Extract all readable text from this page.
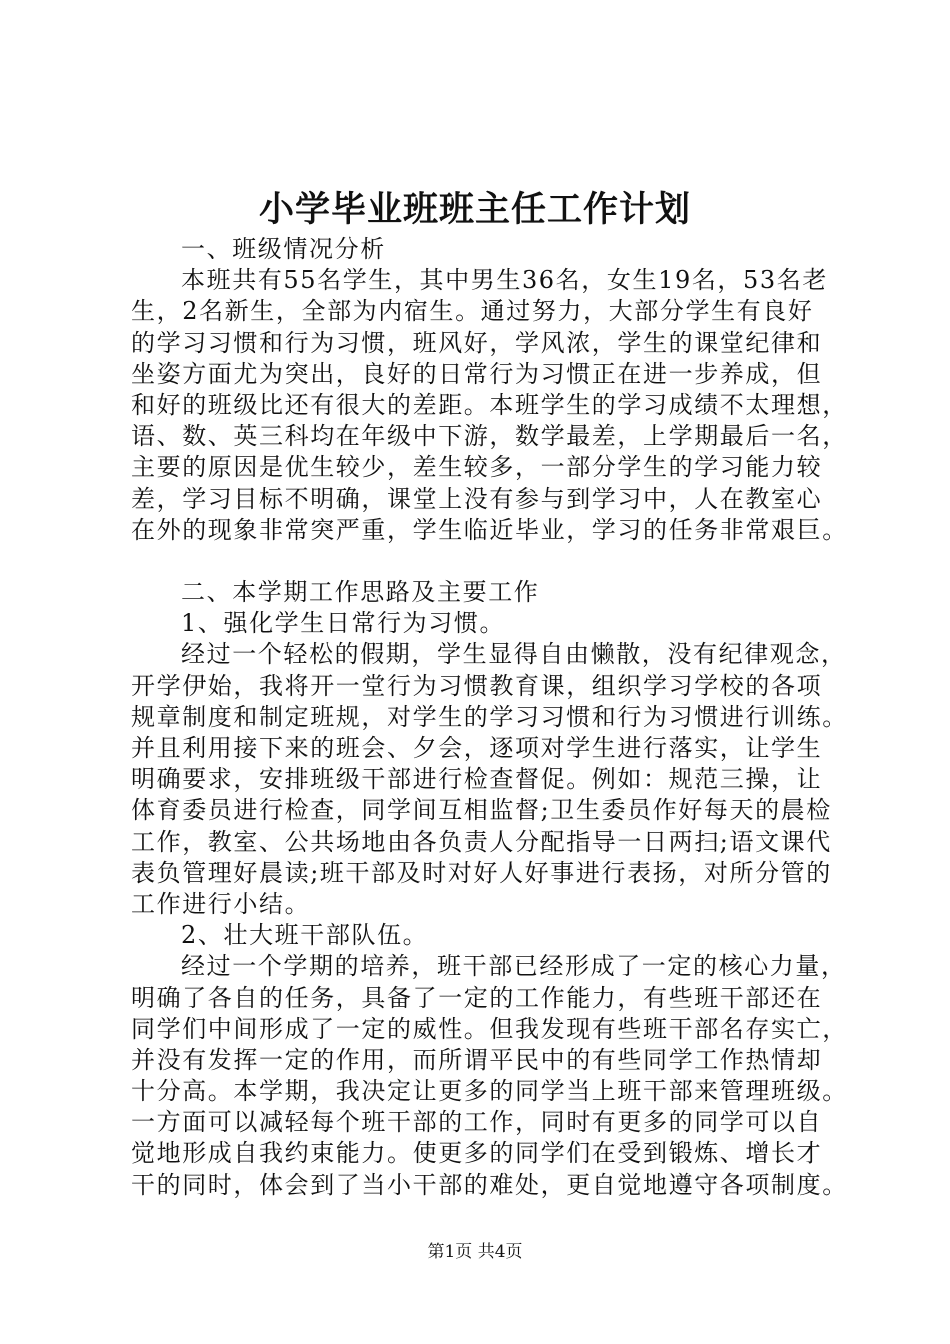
小学毕业班班主任工作计划
一、班级情况分析
本班共有55名学生，其中男生36名，女生19名，53名老
生，2名新生，全部为内宿生。通过努力，大部分学生有良好
的学习习惯和行为习惯，班风好，学风浓，学生的课堂纪律和
坐姿方面尤为突出，良好的日常行为习惯正在进一步养成，但
和好的班级比还有很大的差距。本班学生的学习成绩不太理想，
语、数、英三科均在年级中下游，数学最差，上学期最后一名，
主要的原因是优生较少，差生较多，一部分学生的学习能力较
差，学习目标不明确，课堂上没有参与到学习中，人在教室心
在外的现象非常突严重，学生临近毕业，学习的任务非常艰巨。
二、本学期工作思路及主要工作
1、强化学生日常行为习惯。
经过一个轻松的假期，学生显得自由懒散，没有纪律观念，
开学伊始，我将开一堂行为习惯教育课，组织学习学校的各项
规章制度和制定班规，对学生的学习习惯和行为习惯进行训练。
并且利用接下来的班会、夕会，逐项对学生进行落实，让学生
明确要求，安排班级干部进行检查督促。例如：规范三操，让
体育委员进行检查，同学间互相监督;卫生委员作好每天的晨检
工作，教室、公共场地由各负责人分配指导一日两扫;语文课代
表负管理好晨读;班干部及时对好人好事进行表扬，对所分管的
工作进行小结。
2、壮大班干部队伍。
经过一个学期的培养，班干部已经形成了一定的核心力量，
明确了各自的任务，具备了一定的工作能力，有些班干部还在
同学们中间形成了一定的威性。但我发现有些班干部名存实亡，
并没有发挥一定的作用，而所谓平民中的有些同学工作热情却
十分高。本学期，我决定让更多的同学当上班干部来管理班级。
一方面可以减轻每个班干部的工作，同时有更多的同学可以自
觉地形成自我约束能力。使更多的同学们在受到锻炼、增长才
干的同时，体会到了当小干部的难处，更自觉地遵守各项制度。
第1页 共4页
